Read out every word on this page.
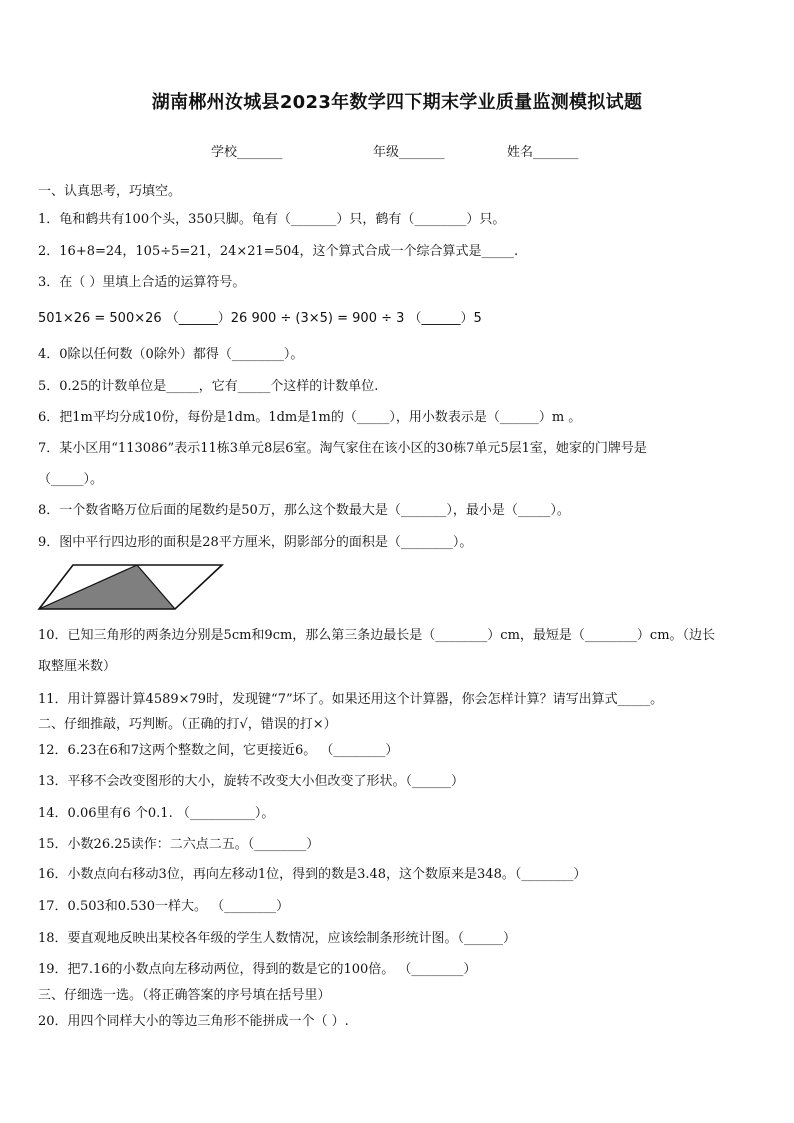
湖南郴州汝城县2023年数学四下期末学业质量监测模拟试题
学校_______	年级_______	姓名_______
一、认真思考，巧填空。
1．龟和鹤共有100个头，350只脚。龟有（_______）只，鹤有（________）只。
2．16+8=24，105÷5=21，24×21=504，这个算式合成一个综合算式是_____.
3．在（ ）里填上合适的运算符号。
501×26 = 500×26 （______）26 900 ÷ (3×5) = 900 ÷ 3 （______）5
4．0除以任何数（0除外）都得（________）。
5．0.25的计数单位是_____，它有_____个这样的计数单位.
6．把1m平均分成10份，每份是1dm。1dm是1m的（_____），用小数表示是（______）m 。
7．某小区用“113086”表示11栋3单元8层6室。淘气家住在该小区的30栋7单元5层1室，她家的门牌号是
（_____）。
8．一个数省略万位后面的尾数约是50万，那么这个数最大是（_______），最小是（_____）。
9．图中平行四边形的面积是28平方厘米，阴影部分的面积是（________）。
10．已知三角形的两条边分别是5cm和9cm，那么第三条边最长是（________）cm，最短是（________）cm。（边长
取整厘米数）
11．用计算器计算4589×79时，发现键“7”坏了。如果还用这个计算器，你会怎样计算？请写出算式_____。
二、仔细推敲，巧判断。（正确的打√，错误的打×）
12．6.23在6和7这两个整数之间，它更接近6。 （________）
13．平移不会改变图形的大小，旋转不改变大小但改变了形状。（______）
14．0.06里有6 个0.1. （__________）。
15．小数26.25读作：二六点二五。（________）
16．小数点向右移动3位，再向左移动1位，得到的数是3.48，这个数原来是348。（________）
17．0.503和0.530一样大。 （________）
18．要直观地反映出某校各年级的学生人数情况，应该绘制条形统计图。（______）
19．把7.16的小数点向左移动两位，得到的数是它的100倍。 （________）
三、仔细选一选。（将正确答案的序号填在括号里）
20．用四个同样大小的等边三角形不能拼成一个（ ）.
